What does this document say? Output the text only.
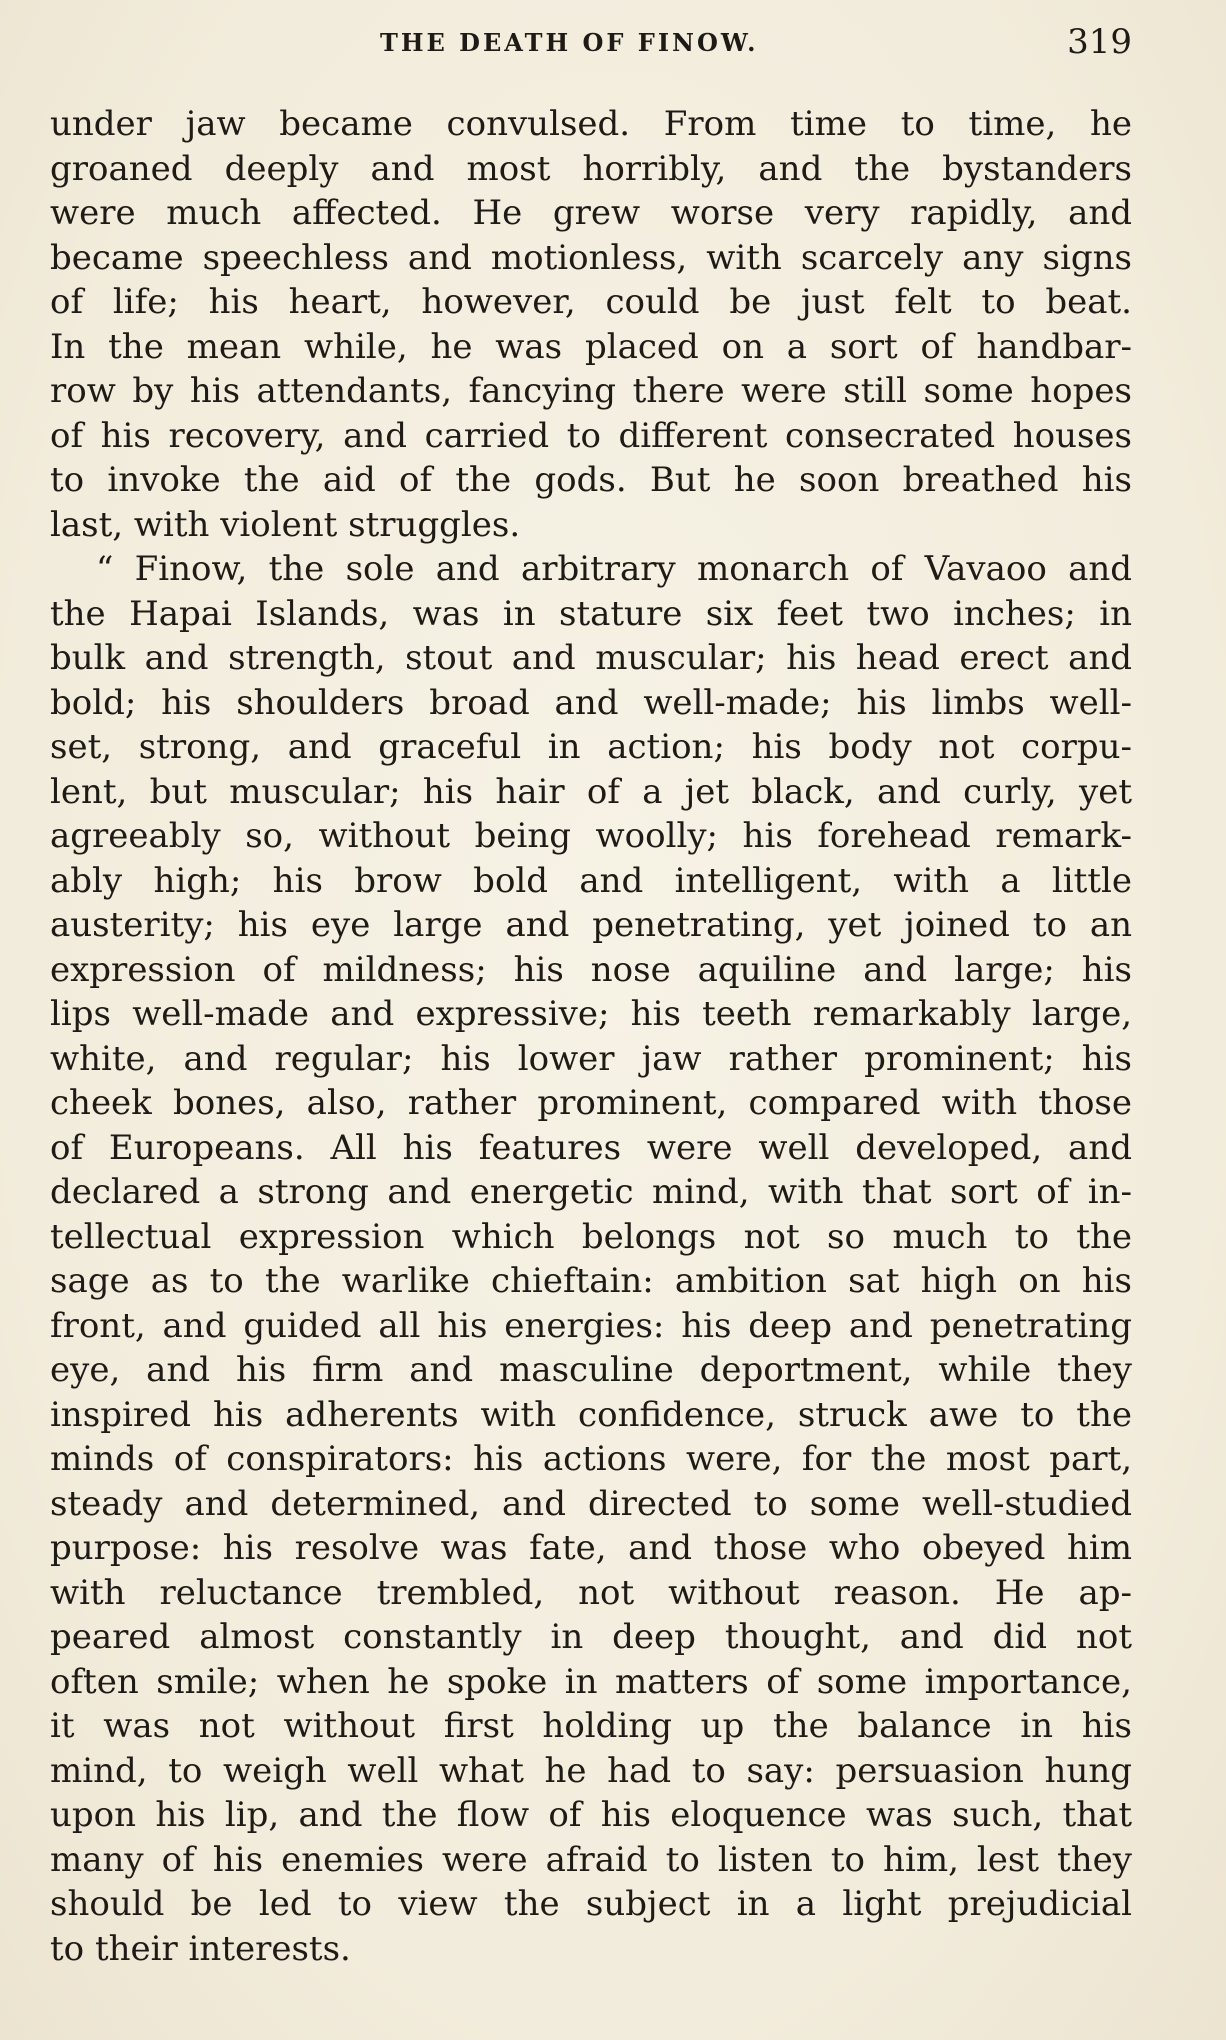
THE DEATH OF FINOW.	319
under jaw became convulsed. From time to time, he
groaned deeply and most horribly, and the bystanders
were much affected. He grew worse very rapidly, and
became speechless and motionless, with scarcely any signs
of life; his heart, however, could be just felt to beat.
In the mean while, he was placed on a sort of handbar-
row by his attendants, fancying there were still some hopes
of his recovery, and carried to different consecrated houses
to invoke the aid of the gods. But he soon breathed his
last, with violent struggles.
“ Finow, the sole and arbitrary monarch of Vavaoo and
the Hapai Islands, was in stature six feet two inches; in
bulk and strength, stout and muscular; his head erect and
bold; his shoulders broad and well-made; his limbs well-
set, strong, and graceful in action; his body not corpu-
lent, but muscular; his hair of a jet black, and curly, yet
agreeably so, without being woolly; his forehead remark-
ably high; his brow bold and intelligent, with a little
austerity; his eye large and penetrating, yet joined to an
expression of mildness; his nose aquiline and large; his
lips well-made and expressive; his teeth remarkably large,
white, and regular; his lower jaw rather prominent; his
cheek bones, also, rather prominent, compared with those
of Europeans. All his features were well developed, and
declared a strong and energetic mind, with that sort of in-
tellectual expression which belongs not so much to the
sage as to the warlike chieftain: ambition sat high on his
front, and guided all his energies: his deep and penetrating
eye, and his firm and masculine deportment, while they
inspired his adherents with confidence, struck awe to the
minds of conspirators: his actions were, for the most part,
steady and determined, and directed to some well-studied
purpose: his resolve was fate, and those who obeyed him
with reluctance trembled, not without reason. He ap-
peared almost constantly in deep thought, and did not
often smile; when he spoke in matters of some importance,
it was not without first holding up the balance in his
mind, to weigh well what he had to say: persuasion hung
upon his lip, and the flow of his eloquence was such, that
many of his enemies were afraid to listen to him, lest they
should be led to view the subject in a light prejudicial
to their interests.
